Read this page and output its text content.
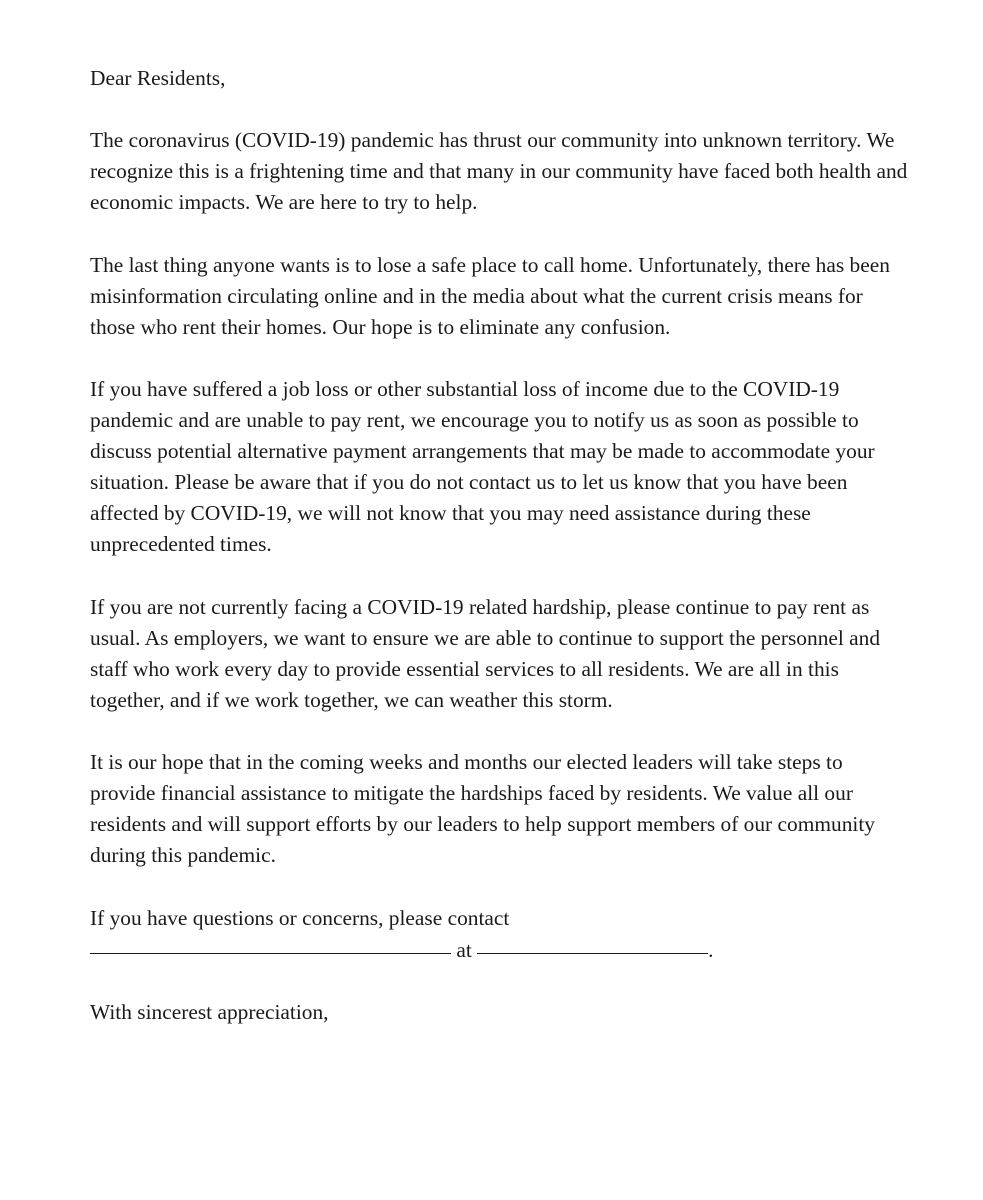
Dear Residents,

The coronavirus (COVID-19) pandemic has thrust our community into unknown territory. We recognize this is a frightening time and that many in our community have faced both health and economic impacts. We are here to try to help.

The last thing anyone wants is to lose a safe place to call home. Unfortunately, there has been misinformation circulating online and in the media about what the current crisis means for those who rent their homes. Our hope is to eliminate any confusion.

If you have suffered a job loss or other substantial loss of income due to the COVID-19 pandemic and are unable to pay rent, we encourage you to notify us as soon as possible to discuss potential alternative payment arrangements that may be made to accommodate your situation. Please be aware that if you do not contact us to let us know that you have been affected by COVID-19, we will not know that you may need assistance during these unprecedented times.

If you are not currently facing a COVID-19 related hardship, please continue to pay rent as usual. As employers, we want to ensure we are able to continue to support the personnel and staff who work every day to provide essential services to all residents. We are all in this together, and if we work together, we can weather this storm.

It is our hope that in the coming weeks and months our elected leaders will take steps to provide financial assistance to mitigate the hardships faced by residents. We value all our residents and will support efforts by our leaders to help support members of our community during this pandemic.

If you have questions or concerns, please contact
at	.

With sincerest appreciation,
